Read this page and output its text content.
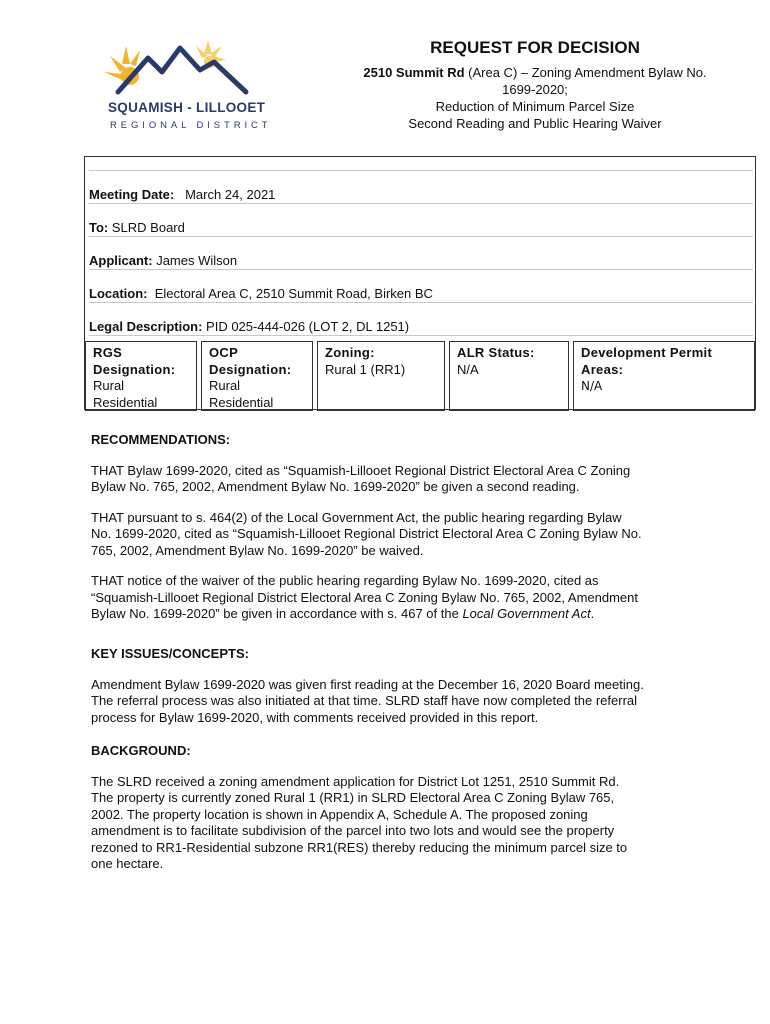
SQUAMISH - LILLOOET
REGIONAL DISTRICT
REQUEST FOR DECISION
2510 Summit Rd (Area C) – Zoning Amendment Bylaw No.
1699-2020;
Reduction of Minimum Parcel Size
Second Reading and Public Hearing Waiver
Meeting Date: March 24, 2021
To: SLRD Board
Applicant: James Wilson
Location: Electoral Area C, 2510 Summit Road, Birken BC
Legal Description: PID 025-444-026 (LOT 2, DL 1251)
RGS
Designation:
Rural
Residential
OCP
Designation:
Rural
Residential
Zoning:
Rural 1 (RR1)
ALR Status:
N/A
Development Permit
Areas:
N/A
RECOMMENDATIONS:

THAT Bylaw 1699-2020, cited as “Squamish-Lillooet Regional District Electoral Area C Zoning
Bylaw No. 765, 2002, Amendment Bylaw No. 1699-2020” be given a second reading.

THAT pursuant to s. 464(2) of the Local Government Act, the public hearing regarding Bylaw
No. 1699-2020, cited as “Squamish-Lillooet Regional District Electoral Area C Zoning Bylaw No.
765, 2002, Amendment Bylaw No. 1699-2020” be waived.

THAT notice of the waiver of the public hearing regarding Bylaw No. 1699-2020, cited as
“Squamish-Lillooet Regional District Electoral Area C Zoning Bylaw No. 765, 2002, Amendment
Bylaw No. 1699-2020” be given in accordance with s. 467 of the Local Government Act.

KEY ISSUES/CONCEPTS:

Amendment Bylaw 1699-2020 was given first reading at the December 16, 2020 Board meeting.
The referral process was also initiated at that time. SLRD staff have now completed the referral
process for Bylaw 1699-2020, with comments received provided in this report.

BACKGROUND:

The SLRD received a zoning amendment application for District Lot 1251, 2510 Summit Rd.
The property is currently zoned Rural 1 (RR1) in SLRD Electoral Area C Zoning Bylaw 765,
2002. The property location is shown in Appendix A, Schedule A. The proposed zoning
amendment is to facilitate subdivision of the parcel into two lots and would see the property
rezoned to RR1-Residential subzone RR1(RES) thereby reducing the minimum parcel size to
one hectare.
